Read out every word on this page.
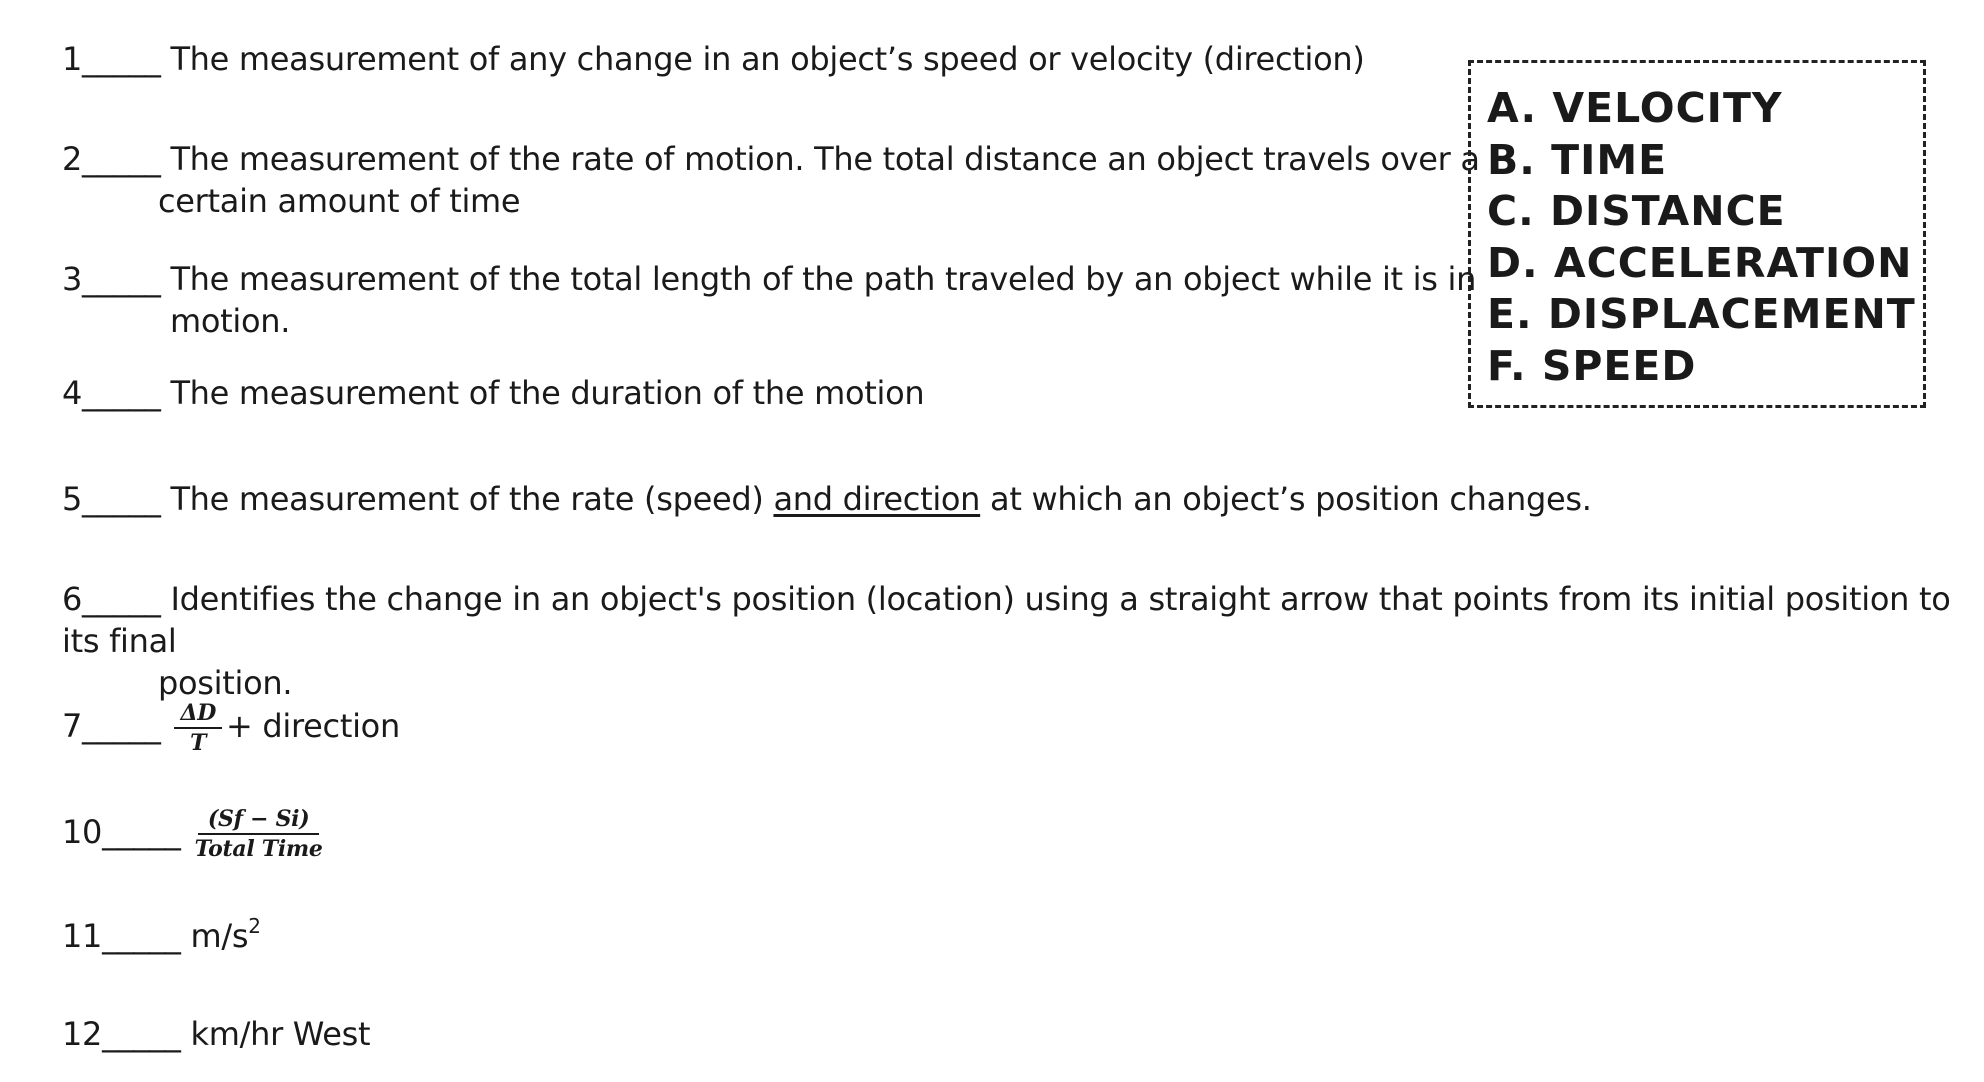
1_____ The measurement of any change in an object’s speed or velocity (direction)
2_____ The measurement of the rate of motion. The total distance an object travels over a
certain amount of time
3_____ The measurement of the total length of the path traveled by an object while it is in
motion.
4_____ The measurement of the duration of the motion
5_____ The measurement of the rate (speed) and direction at which an object’s position changes.
6_____ Identifies the change in an object's position (location) using a straight arrow that points from its initial position to its final
position.
7_____ $\frac{\Delta D}{T}$ + direction
10_____ $\frac{(Sf - Si)}{\text{Total Time}}$
11_____ $m/s^2$
12_____ km/hr West
A. VELOCITY
B. TIME
C. DISTANCE
D. ACCELERATION
E. DISPLACEMENT
F. SPEED
